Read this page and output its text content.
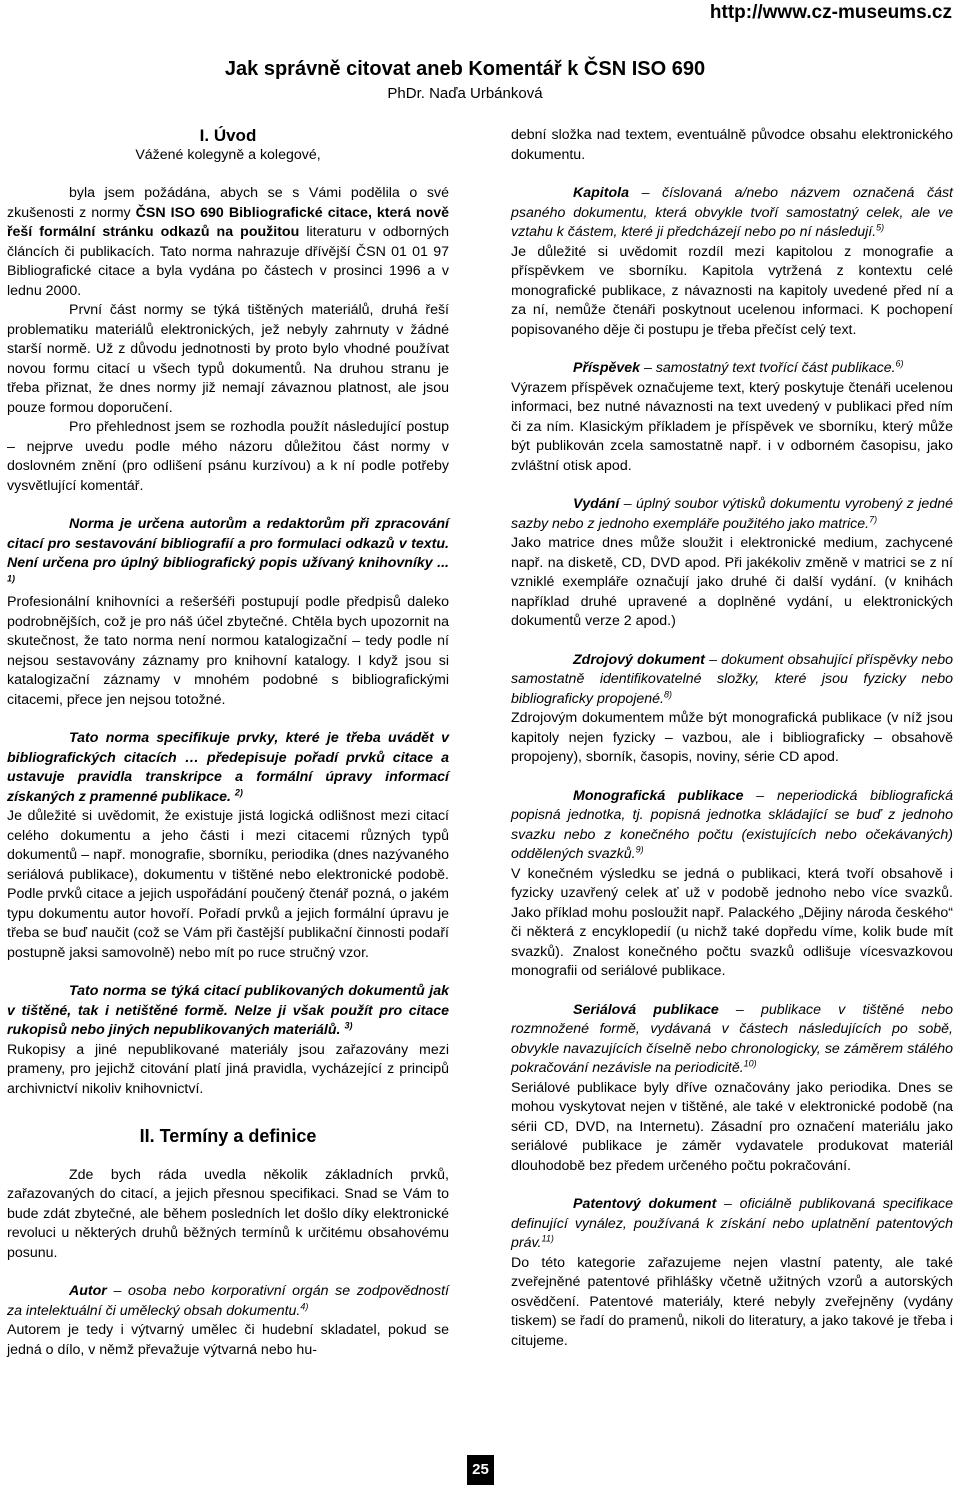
http://www.cz-museums.cz
Jak správně citovat aneb Komentář k ČSN ISO 690
PhDr. Naďa Urbánková

I. Úvod

Vážené kolegyně a kolegové,

byla jsem požádána, abych se s Vámi podělila o své zkušenosti z normy ČSN ISO 690 Bibliografické citace, která nově řeší formální stránku odkazů na použitou literaturu v odborných článcích či publikacích. Tato norma nahrazuje dřívější ČSN 01 01 97 Bibliografické citace a byla vydána po částech v prosinci 1996 a v lednu 2000.

První část normy se týká tištěných materiálů, druhá řeší problematiku materiálů elektronických, jež nebyly zahrnuty v žádné starší normě. Už z důvodu jednotnosti by proto bylo vhodné používat novou formu citací u všech typů dokumentů. Na druhou stranu je třeba přiznat, že dnes normy již nemají závaznou platnost, ale jsou pouze formou doporučení.

Pro přehlednost jsem se rozhodla použít následující postup – nejprve uvedu podle mého názoru důležitou část normy v doslovném znění (pro odlišení psánu kurzívou) a k ní podle potřeby vysvětlující komentář.

Norma je určena autorům a redaktorům při zpracování citací pro sestavování bibliografií a pro formulaci odkazů v textu. Není určena pro úplný bibliografický popis užívaný knihovníky ... $^{1)}$

Profesionální knihovníci a rešeršéři postupují podle předpisů daleko podrobnějších, což je pro náš účel zbytečné. Chtěla bych upozornit na skutečnost, že tato norma není normou katalogizační – tedy podle ní nejsou sestavovány záznamy pro knihovní katalogy. I když jsou si katalogizační záznamy v mnohém podobné s bibliografickými citacemi, přece jen nejsou totožné.

Tato norma specifikuje prvky, které je třeba uvádět v bibliografických citacích … předepisuje pořadí prvků citace a ustavuje pravidla transkripce a formální úpravy informací získaných z pramenné publikace. $^{2)}$

Je důležité si uvědomit, že existuje jistá logická odlišnost mezi citací celého dokumentu a jeho části i mezi citacemi různých typů dokumentů – např. monografie, sborníku, periodika (dnes nazývaného seriálová publikace), dokumentu v tištěné nebo elektronické podobě. Podle prvků citace a jejich uspořádání poučený čtenář pozná, o jakém typu dokumentu autor hovoří. Pořadí prvků a jejich formální úpravu je třeba se buď naučit (což se Vám při častější publikační činnosti podaří postupně jaksi samovolně) nebo mít po ruce stručný vzor.

Tato norma se týká citací publikovaných dokumentů jak v tištěné, tak i netištěné formě. Nelze ji však použít pro citace rukopisů nebo jiných nepublikovaných materiálů. $^{3)}$

Rukopisy a jiné nepublikované materiály jsou zařazovány mezi prameny, pro jejichž citování platí jiná pravidla, vycházející z principů archivnictví nikoliv knihovnictví.

II. Termíny a definice

Zde bych ráda uvedla několik základních prvků, zařazovaných do citací, a jejich přesnou specifikaci. Snad se Vám to bude zdát zbytečné, ale během posledních let došlo díky elektronické revoluci u některých druhů běžných termínů k určitému obsahovému posunu.

Autor – osoba nebo korporativní orgán se zodpovědností za intelektuální či umělecký obsah dokumentu.$^{4)}$

Autorem je tedy i výtvarný umělec či hudební skladatel, pokud se jedná o dílo, v němž převažuje výtvarná nebo hu-

dební složka nad textem, eventuálně původce obsahu elektronického dokumentu.

Kapitola – číslovaná a/nebo názvem označená část psaného dokumentu, která obvykle tvoří samostatný celek, ale ve vztahu k částem, které ji předcházejí nebo po ní následují.$^{5)}$

Je důležité si uvědomit rozdíl mezi kapitolou z monografie a příspěvkem ve sborníku. Kapitola vytržená z kontextu celé monografické publikace, z návaznosti na kapitoly uvedené před ní a za ní, nemůže čtenáři poskytnout ucelenou informaci. K pochopení popisovaného děje či postupu je třeba přečíst celý text.

Příspěvek – samostatný text tvořící část publikace.$^{6)}$

Výrazem příspěvek označujeme text, který poskytuje čtenáři ucelenou informaci, bez nutné návaznosti na text uvedený v publikaci před ním či za ním. Klasickým příkladem je příspěvek ve sborníku, který může být publikován zcela samostatně např. i v odborném časopisu, jako zvláštní otisk apod.

Vydání – úplný soubor výtisků dokumentu vyrobený z jedné sazby nebo z jednoho exempláře použitého jako matrice.$^{7)}$

Jako matrice dnes může sloužit i elektronické medium, zachycené např. na disketě, CD, DVD apod. Při jakékoliv změně v matrici se z ní vzniklé exempláře označují jako druhé či další vydání. (v knihách například druhé upravené a doplněné vydání, u elektronických dokumentů verze 2 apod.)

Zdrojový dokument – dokument obsahující příspěvky nebo samostatně identifikovatelné složky, které jsou fyzicky nebo bibliograficky propojené.$^{8)}$

Zdrojovým dokumentem může být monografická publikace (v níž jsou kapitoly nejen fyzicky – vazbou, ale i bibliograficky – obsahově propojeny), sborník, časopis, noviny, série CD apod.

Monografická publikace – neperiodická bibliografická popisná jednotka, tj. popisná jednotka skládající se buď z jednoho svazku nebo z konečného počtu (existujících nebo očekávaných) oddělených svazků.$^{9)}$

V konečném výsledku se jedná o publikaci, která tvoří obsahově i fyzicky uzavřený celek ať už v podobě jednoho nebo více svazků. Jako příklad mohu posloužit např. Palackého „Dějiny národa českého“ či některá z encyklopedií (u nichž také dopředu víme, kolik bude mít svazků). Znalost konečného počtu svazků odlišuje vícesvazkovou monografii od seriálové publikace.

Seriálová publikace – publikace v tištěné nebo rozmnožené formě, vydávaná v částech následujících po sobě, obvykle navazujících číselně nebo chronologicky, se záměrem stálého pokračování nezávisle na periodicitě.$^{10)}$

Seriálové publikace byly dříve označovány jako periodika. Dnes se mohou vyskytovat nejen v tištěné, ale také v elektronické podobě (na sérii CD, DVD, na Internetu). Zásadní pro označení materiálu jako seriálové publikace je záměr vydavatele produkovat materiál dlouhodobě bez předem určeného počtu pokračování.

Patentový dokument – oficiálně publikovaná specifikace definující vynález, používaná k získání nebo uplatnění patentových práv.$^{11)}$

Do této kategorie zařazujeme nejen vlastní patenty, ale také zveřejněné patentové přihlášky včetně užitných vzorů a autorských osvědčení. Patentové materiály, které nebyly zveřejněny (vydány tiskem) se řadí do pramenů, nikoli do literatury, a jako takové je třeba i citujeme.

25
